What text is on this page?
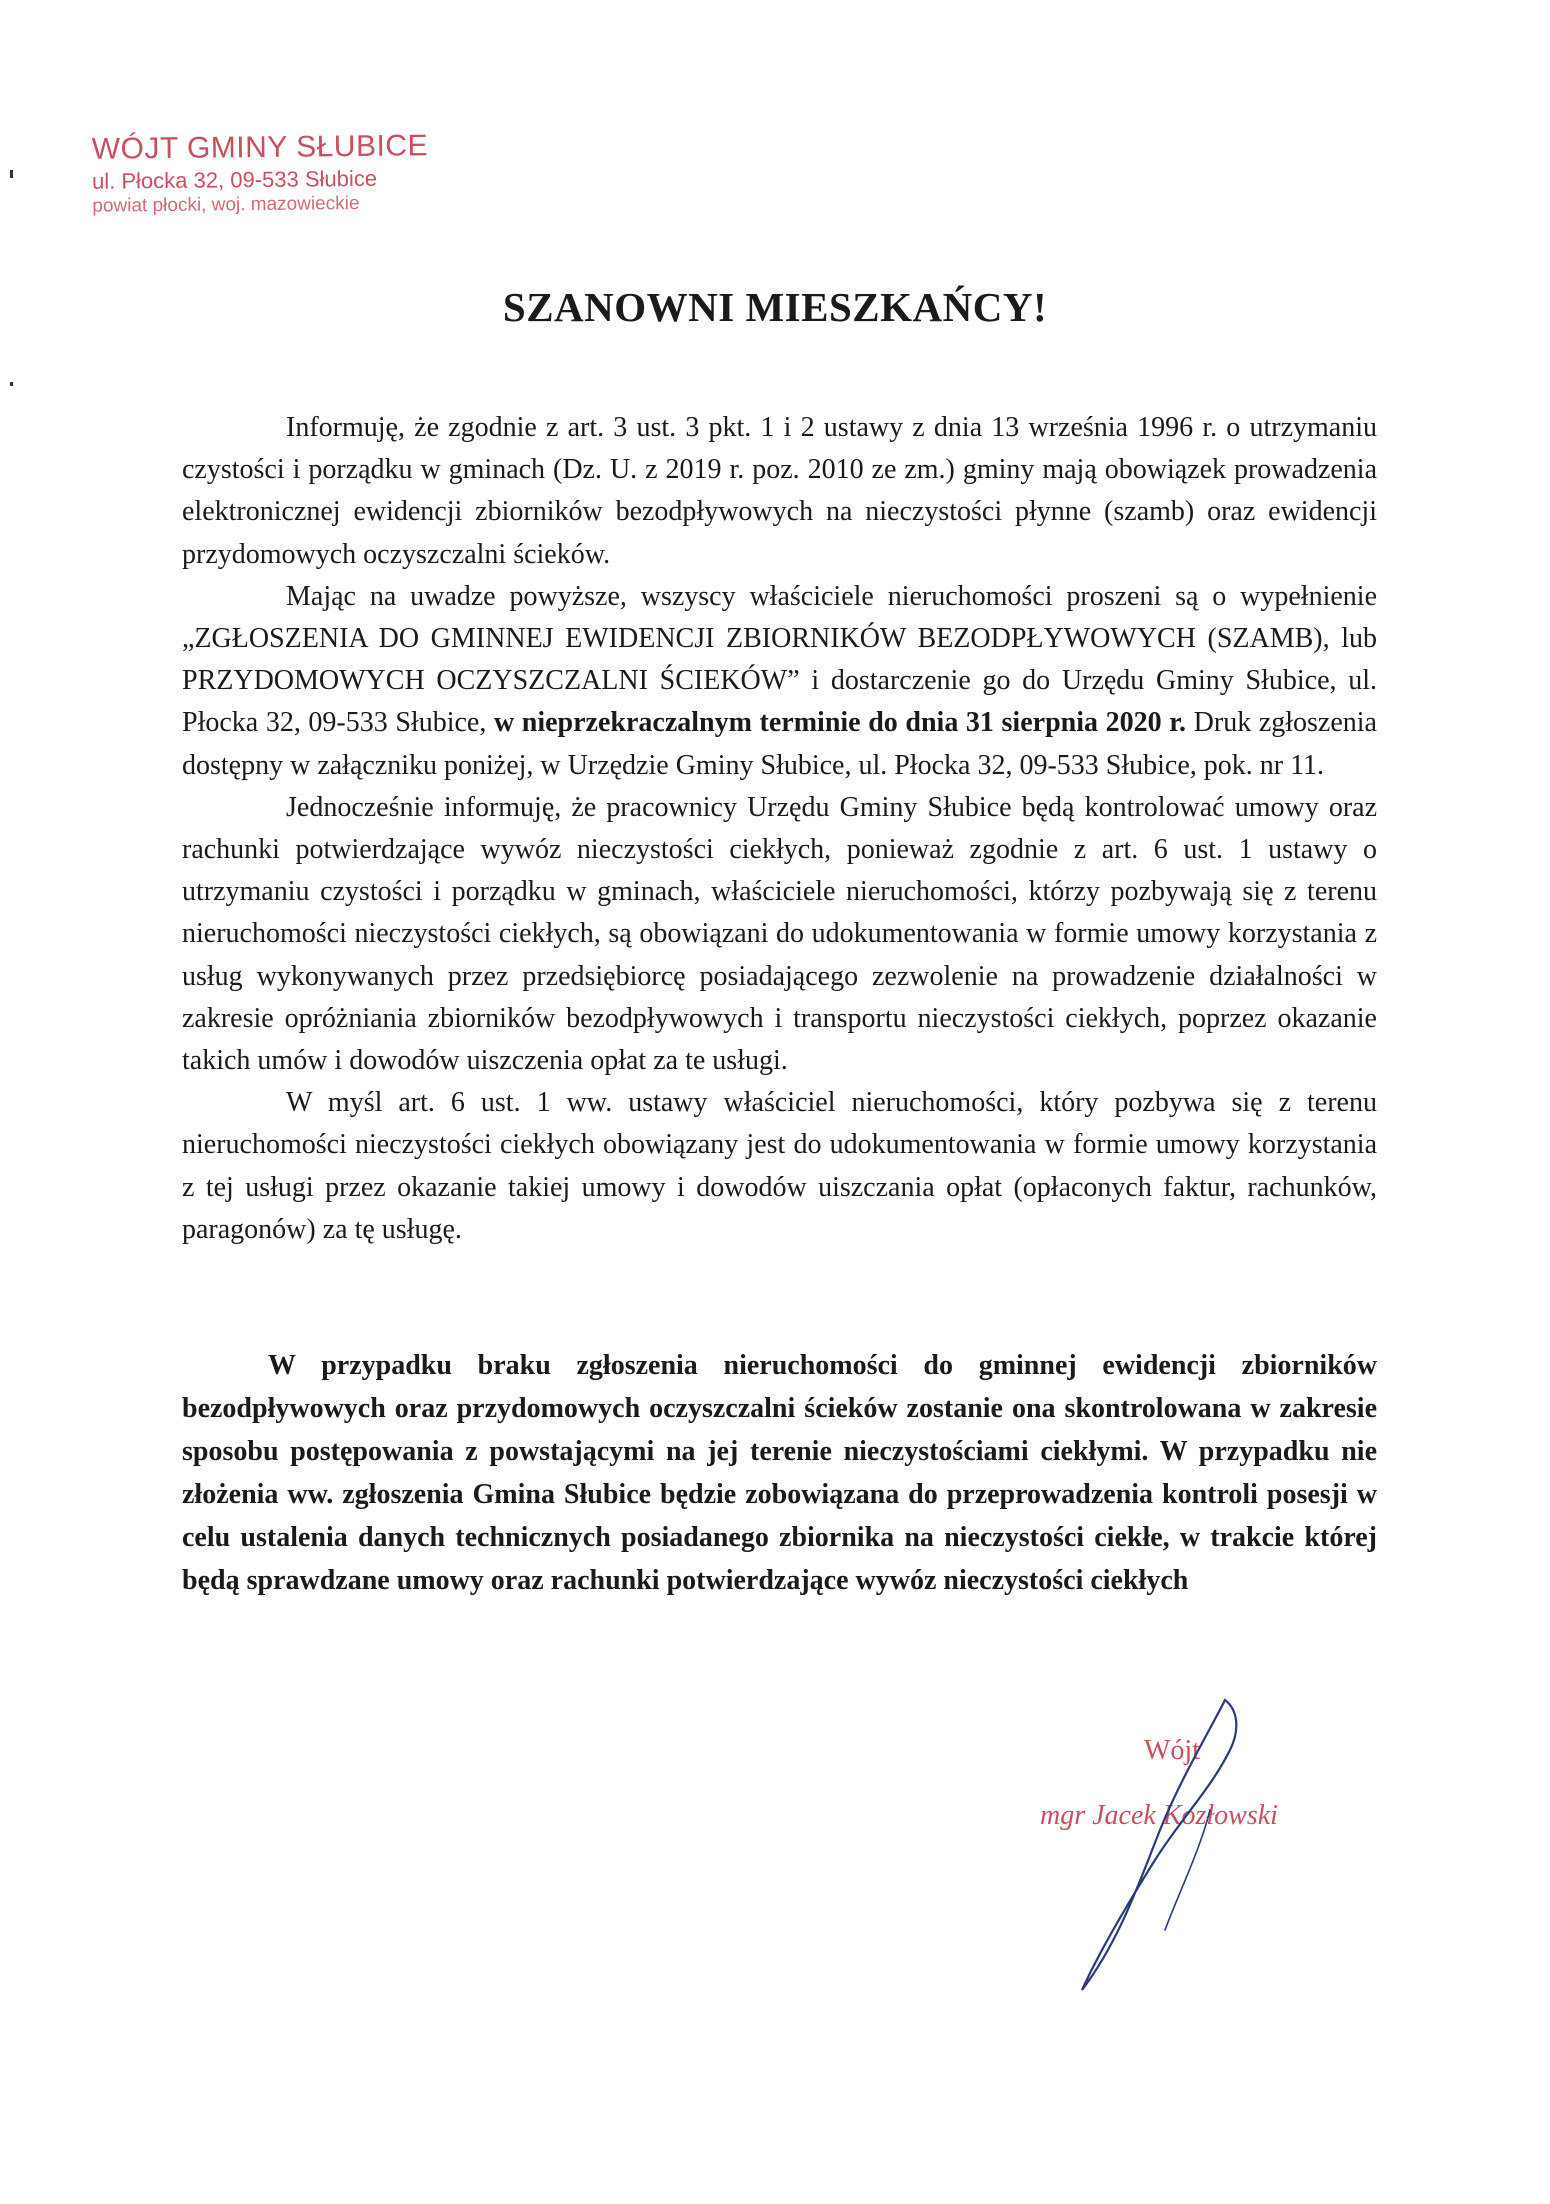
WÓJT GMINY SŁUBICE
ul. Płocka 32, 09-533 Słubice
powiat płocki, woj. mazowieckie
SZANOWNI MIESZKAŃCY!

Informuję, że zgodnie z art. 3 ust. 3 pkt. 1 i 2 ustawy z dnia 13 września 1996 r. o utrzymaniu czystości i porządku w gminach (Dz. U. z 2019 r. poz. 2010 ze zm.) gminy mają obowiązek prowadzenia elektronicznej ewidencji zbiorników bezodpływowych na nieczystości płynne (szamb) oraz ewidencji przydomowych oczyszczalni ścieków.

Mając na uwadze powyższe, wszyscy właściciele nieruchomości proszeni są o wypełnienie „ZGŁOSZENIA DO GMINNEJ EWIDENCJI ZBIORNIKÓW BEZODPŁYWOWYCH (SZAMB), lub PRZYDOMOWYCH OCZYSZCZALNI ŚCIEKÓW” i dostarczenie go do Urzędu Gminy Słubice, ul. Płocka 32, 09-533 Słubice, w nieprzekraczalnym terminie do dnia 31 sierpnia 2020 r. Druk zgłoszenia dostępny w załączniku poniżej, w Urzędzie Gminy Słubice, ul. Płocka 32, 09-533 Słubice, pok. nr 11.

Jednocześnie informuję, że pracownicy Urzędu Gminy Słubice będą kontrolować umowy oraz rachunki potwierdzające wywóz nieczystości ciekłych, ponieważ zgodnie z art. 6 ust. 1 ustawy o utrzymaniu czystości i porządku w gminach, właściciele nieruchomości, którzy pozbywają się z terenu nieruchomości nieczystości ciekłych, są obowiązani do udokumentowania w formie umowy korzystania z usług wykonywanych przez przedsiębiorcę posiadającego zezwolenie na prowadzenie działalności w zakresie opróżniania zbiorników bezodpływowych i transportu nieczystości ciekłych, poprzez okazanie takich umów i dowodów uiszczenia opłat za te usługi.

W myśl art. 6 ust. 1 ww. ustawy właściciel nieruchomości, który pozbywa się z terenu nieruchomości nieczystości ciekłych obowiązany jest do udokumentowania w formie umowy korzystania z tej usługi przez okazanie takiej umowy i dowodów uiszczania opłat (opłaconych faktur, rachunków, paragonów) za tę usługę.

W przypadku braku zgłoszenia nieruchomości do gminnej ewidencji zbiorników bezodpływowych oraz przydomowych oczyszczalni ścieków zostanie ona skontrolowana w zakresie sposobu postępowania z powstającymi na jej terenie nieczystościami ciekłymi. W przypadku nie złożenia ww. zgłoszenia Gmina Słubice będzie zobowiązana do przeprowadzenia kontroli posesji w celu ustalenia danych technicznych posiadanego zbiornika na nieczystości ciekłe, w trakcie której będą sprawdzane umowy oraz rachunki potwierdzające wywóz nieczystości ciekłych
Wójt
mgr Jacek Kozłowski
